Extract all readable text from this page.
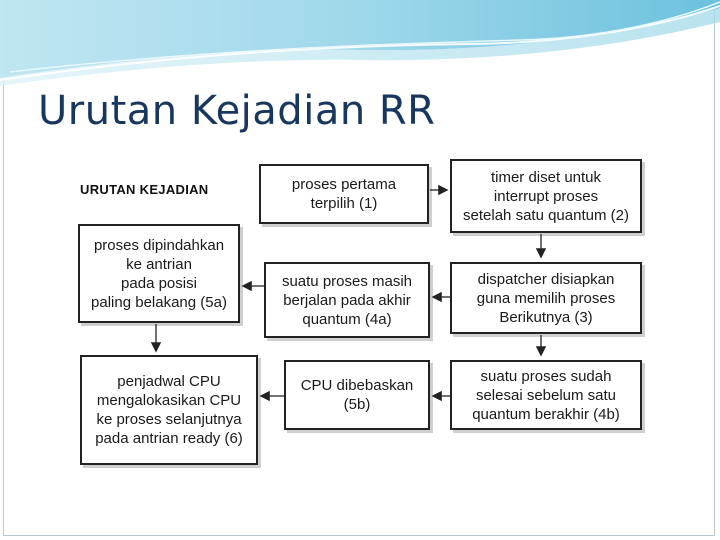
Urutan Kejadian RR
URUTAN KEJADIAN	proses pertama
terpilih (1)
timer diset untuk
interrupt proses
setelah satu quantum (2)
dispatcher disiapkan
guna memilih proses
Berikutnya (3)
suatu proses masih
berjalan pada akhir
quantum (4a)
proses dipindahkan
ke antrian
pada posisi
paling belakang (5a)
suatu proses sudah
selesai sebelum satu
quantum berakhir (4b)
CPU dibebaskan
(5b)
penjadwal CPU
mengalokasikan CPU
ke proses selanjutnya
pada antrian ready (6)
